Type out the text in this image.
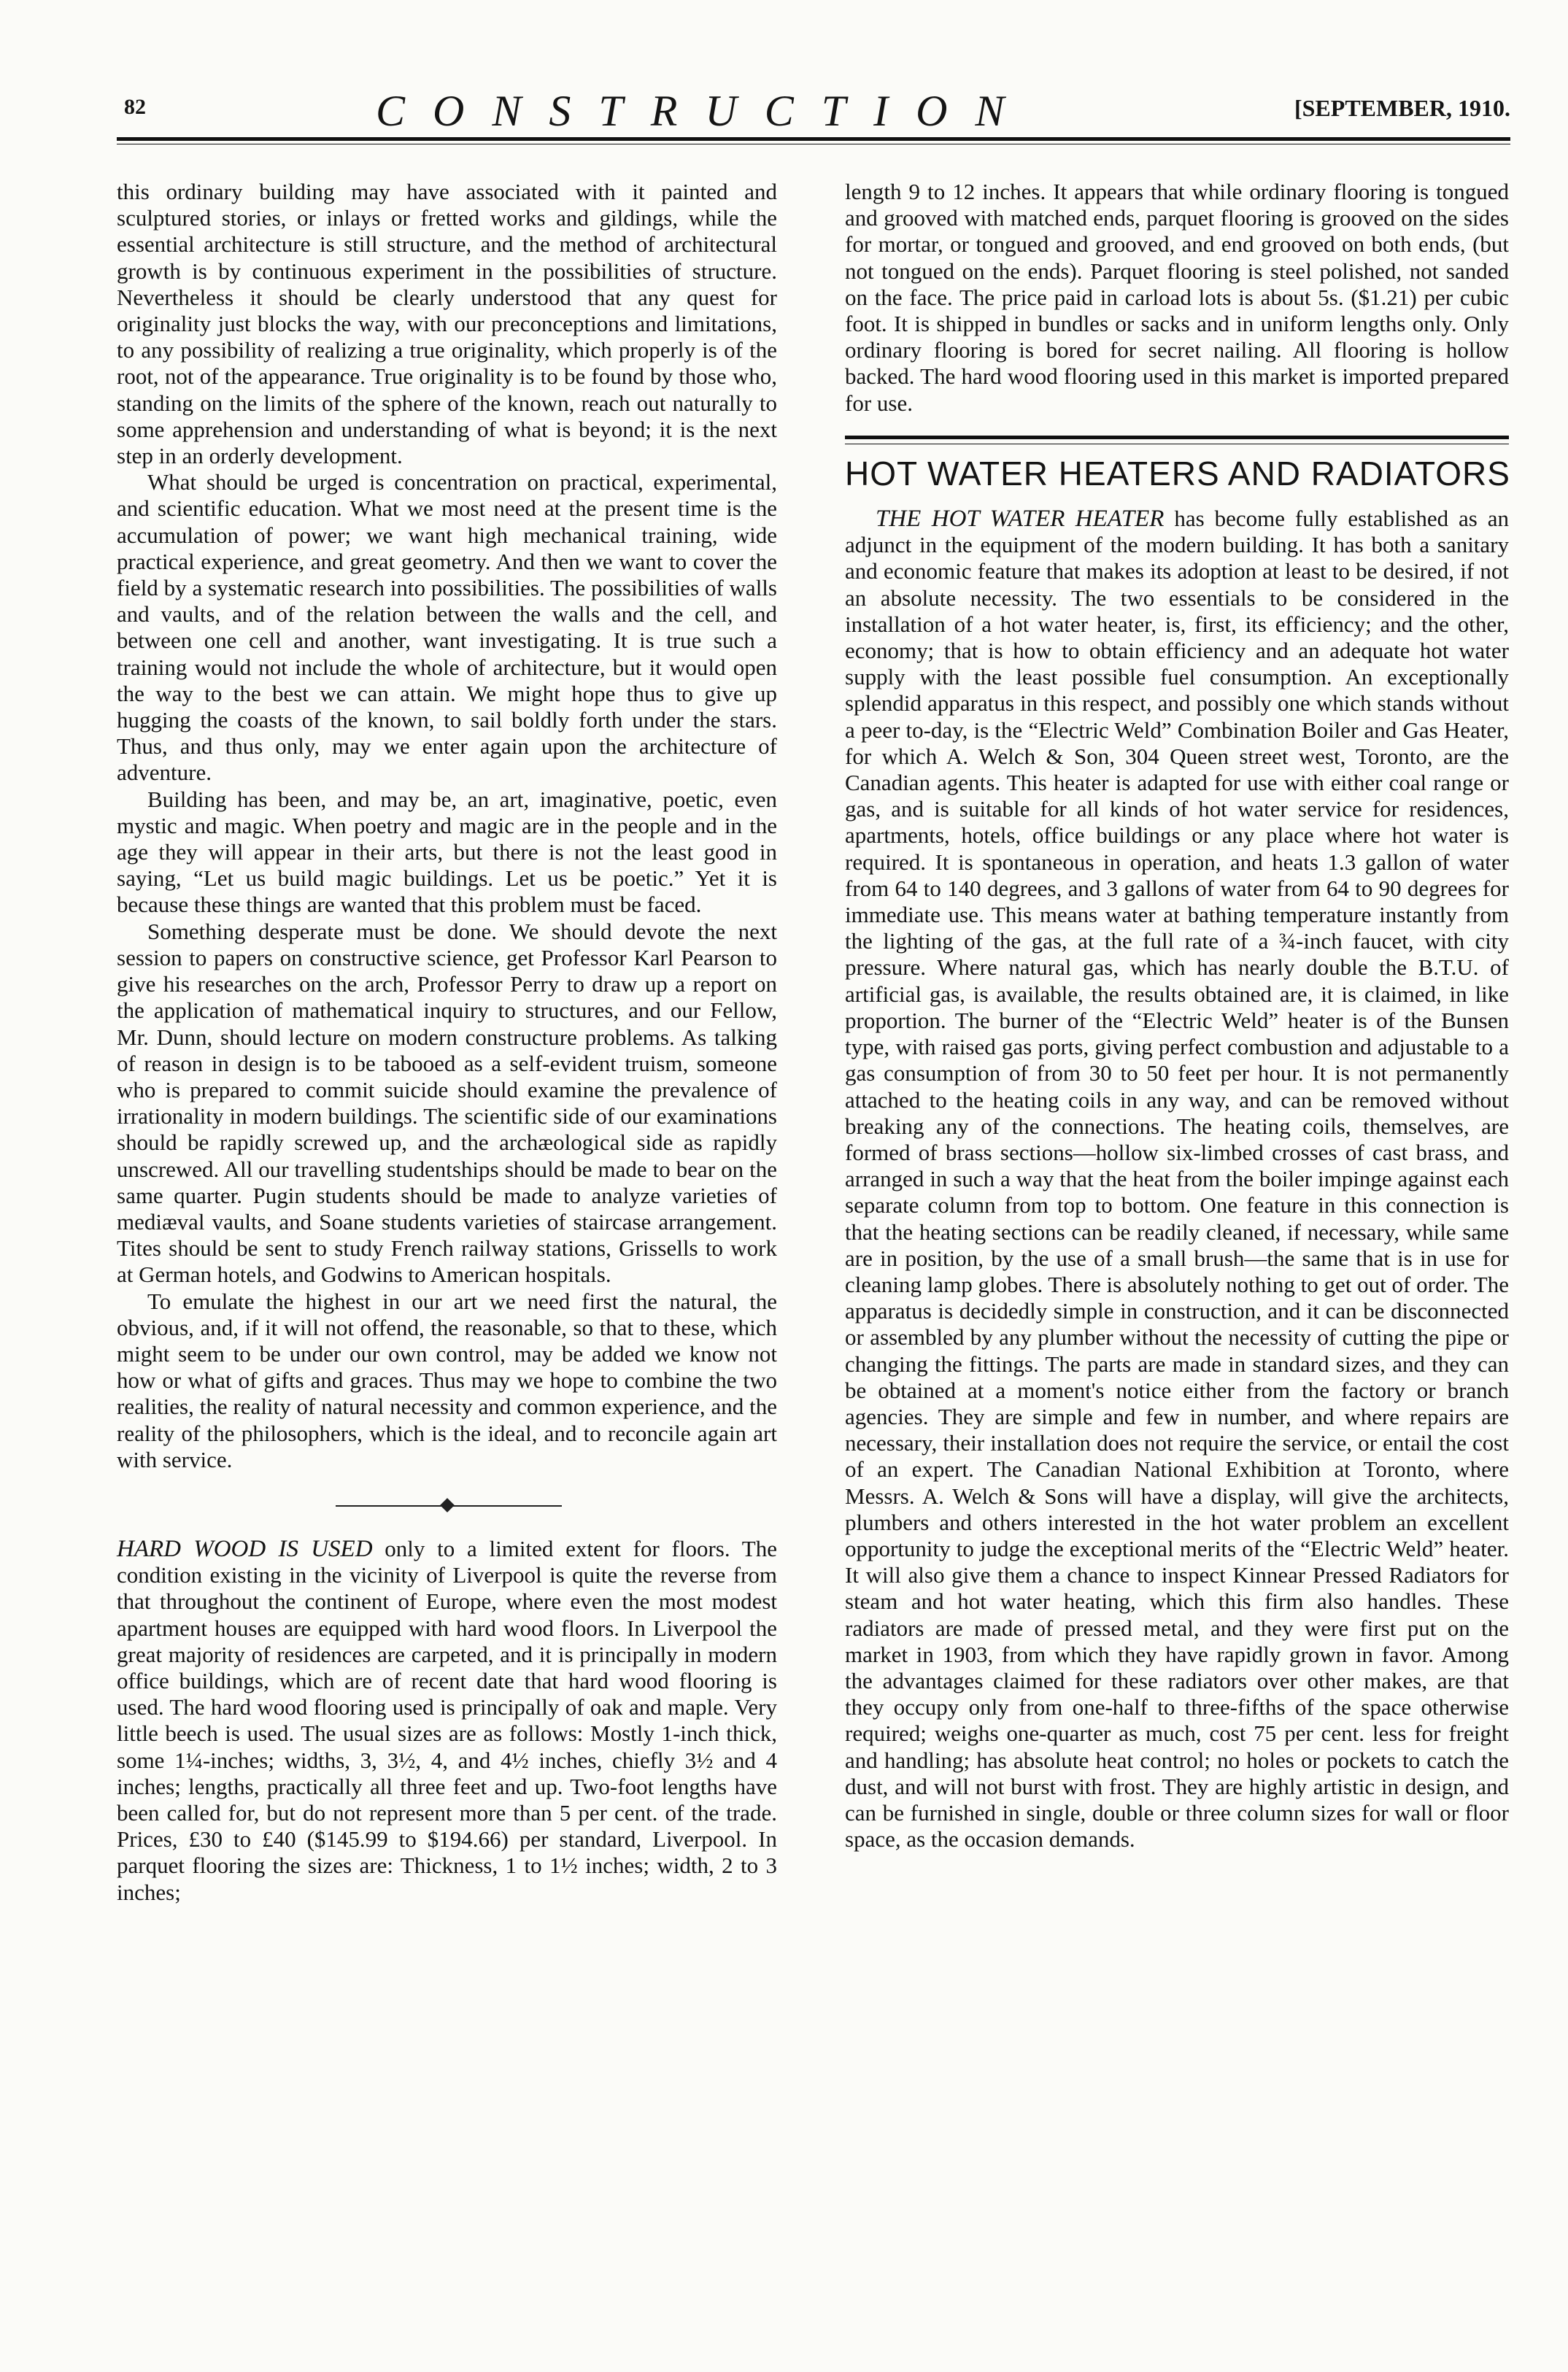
82	CONSTRUCTION	[SEPTEMBER, 1910.

this ordinary building may have associated with it painted and sculptured stories, or inlays or fretted works and gildings, while the essential architecture is still structure, and the method of architectural growth is by continuous experiment in the possibilities of structure. Nevertheless it should be clearly understood that any quest for originality just blocks the way, with our preconceptions and limitations, to any possibility of realizing a true originality, which properly is of the root, not of the appearance. True originality is to be found by those who, standing on the limits of the sphere of the known, reach out naturally to some apprehension and understanding of what is beyond; it is the next step in an orderly development.

What should be urged is concentration on practical, experimental, and scientific education. What we most need at the present time is the accumulation of power; we want high mechanical training, wide practical experience, and great geometry. And then we want to cover the field by a systematic research into possibilities. The possibilities of walls and vaults, and of the relation between the walls and the cell, and between one cell and another, want investigating. It is true such a training would not include the whole of architecture, but it would open the way to the best we can attain. We might hope thus to give up hugging the coasts of the known, to sail boldly forth under the stars. Thus, and thus only, may we enter again upon the architecture of adventure.

Building has been, and may be, an art, imaginative, poetic, even mystic and magic. When poetry and magic are in the people and in the age they will appear in their arts, but there is not the least good in saying, “Let us build magic buildings. Let us be poetic.” Yet it is because these things are wanted that this problem must be faced.

Something desperate must be done. We should devote the next session to papers on constructive science, get Professor Karl Pearson to give his researches on the arch, Professor Perry to draw up a report on the application of mathematical inquiry to structures, and our Fellow, Mr. Dunn, should lecture on modern constructure problems. As talking of reason in design is to be tabooed as a self-evident truism, someone who is prepared to commit suicide should examine the prevalence of irrationality in modern buildings. The scientific side of our examinations should be rapidly screwed up, and the archæological side as rapidly unscrewed. All our travelling studentships should be made to bear on the same quarter. Pugin students should be made to analyze varieties of mediæval vaults, and Soane students varieties of staircase arrangement. Tites should be sent to study French railway stations, Grissells to work at German hotels, and Godwins to American hospitals.

To emulate the highest in our art we need first the natural, the obvious, and, if it will not offend, the reasonable, so that to these, which might seem to be under our own control, may be added we know not how or what of gifts and graces. Thus may we hope to combine the two realities, the reality of natural necessity and common experience, and the reality of the philosophers, which is the ideal, and to reconcile again art with service.

HARD WOOD IS USED only to a limited extent for floors. The condition existing in the vicinity of Liverpool is quite the reverse from that throughout the continent of Europe, where even the most modest apartment houses are equipped with hard wood floors. In Liverpool the great majority of residences are carpeted, and it is principally in modern office buildings, which are of recent date that hard wood flooring is used. The hard wood flooring used is principally of oak and maple. Very little beech is used. The usual sizes are as follows: Mostly 1-inch thick, some 1¼-inches; widths, 3, 3½, 4, and 4½ inches, chiefly 3½ and 4 inches; lengths, practically all three feet and up. Two-foot lengths have been called for, but do not represent more than 5 per cent. of the trade. Prices, £30 to £40 ($145.99 to $194.66) per standard, Liverpool. In parquet flooring the sizes are: Thickness, 1 to 1½ inches; width, 2 to 3 inches;

length 9 to 12 inches. It appears that while ordinary flooring is tongued and grooved with matched ends, parquet flooring is grooved on the sides for mortar, or tongued and grooved, and end grooved on both ends, (but not tongued on the ends). Parquet flooring is steel polished, not sanded on the face. The price paid in carload lots is about 5s. ($1.21) per cubic foot. It is shipped in bundles or sacks and in uniform lengths only. Only ordinary flooring is bored for secret nailing. All flooring is hollow backed. The hard wood flooring used in this market is imported prepared for use.

HOT WATER HEATERS AND RADIATORS

THE HOT WATER HEATER has become fully established as an adjunct in the equipment of the modern building. It has both a sanitary and economic feature that makes its adoption at least to be desired, if not an absolute necessity. The two essentials to be considered in the installation of a hot water heater, is, first, its efficiency; and the other, economy; that is how to obtain efficiency and an adequate hot water supply with the least possible fuel consumption. An exceptionally splendid apparatus in this respect, and possibly one which stands without a peer to-day, is the “Electric Weld” Combination Boiler and Gas Heater, for which A. Welch & Son, 304 Queen street west, Toronto, are the Canadian agents. This heater is adapted for use with either coal range or gas, and is suitable for all kinds of hot water service for residences, apartments, hotels, office buildings or any place where hot water is required. It is spontaneous in operation, and heats 1.3 gallon of water from 64 to 140 degrees, and 3 gallons of water from 64 to 90 degrees for immediate use. This means water at bathing temperature instantly from the lighting of the gas, at the full rate of a ¾-inch faucet, with city pressure. Where natural gas, which has nearly double the B.T.U. of artificial gas, is available, the results obtained are, it is claimed, in like proportion. The burner of the “Electric Weld” heater is of the Bunsen type, with raised gas ports, giving perfect combustion and adjustable to a gas consumption of from 30 to 50 feet per hour. It is not permanently attached to the heating coils in any way, and can be removed without breaking any of the connections. The heating coils, themselves, are formed of brass sections—hollow six-limbed crosses of cast brass, and arranged in such a way that the heat from the boiler impinge against each separate column from top to bottom. One feature in this connection is that the heating sections can be readily cleaned, if necessary, while same are in position, by the use of a small brush—the same that is in use for cleaning lamp globes. There is absolutely nothing to get out of order. The apparatus is decidedly simple in construction, and it can be disconnected or assembled by any plumber without the necessity of cutting the pipe or changing the fittings. The parts are made in standard sizes, and they can be obtained at a moment's notice either from the factory or branch agencies. They are simple and few in number, and where repairs are necessary, their installation does not require the service, or entail the cost of an expert. The Canadian National Exhibition at Toronto, where Messrs. A. Welch & Sons will have a display, will give the architects, plumbers and others interested in the hot water problem an excellent opportunity to judge the exceptional merits of the “Electric Weld” heater. It will also give them a chance to inspect Kinnear Pressed Radiators for steam and hot water heating, which this firm also handles. These radiators are made of pressed metal, and they were first put on the market in 1903, from which they have rapidly grown in favor. Among the advantages claimed for these radiators over other makes, are that they occupy only from one-half to three-fifths of the space otherwise required; weighs one-quarter as much, cost 75 per cent. less for freight and handling; has absolute heat control; no holes or pockets to catch the dust, and will not burst with frost. They are highly artistic in design, and can be furnished in single, double or three column sizes for wall or floor space, as the occasion demands.
